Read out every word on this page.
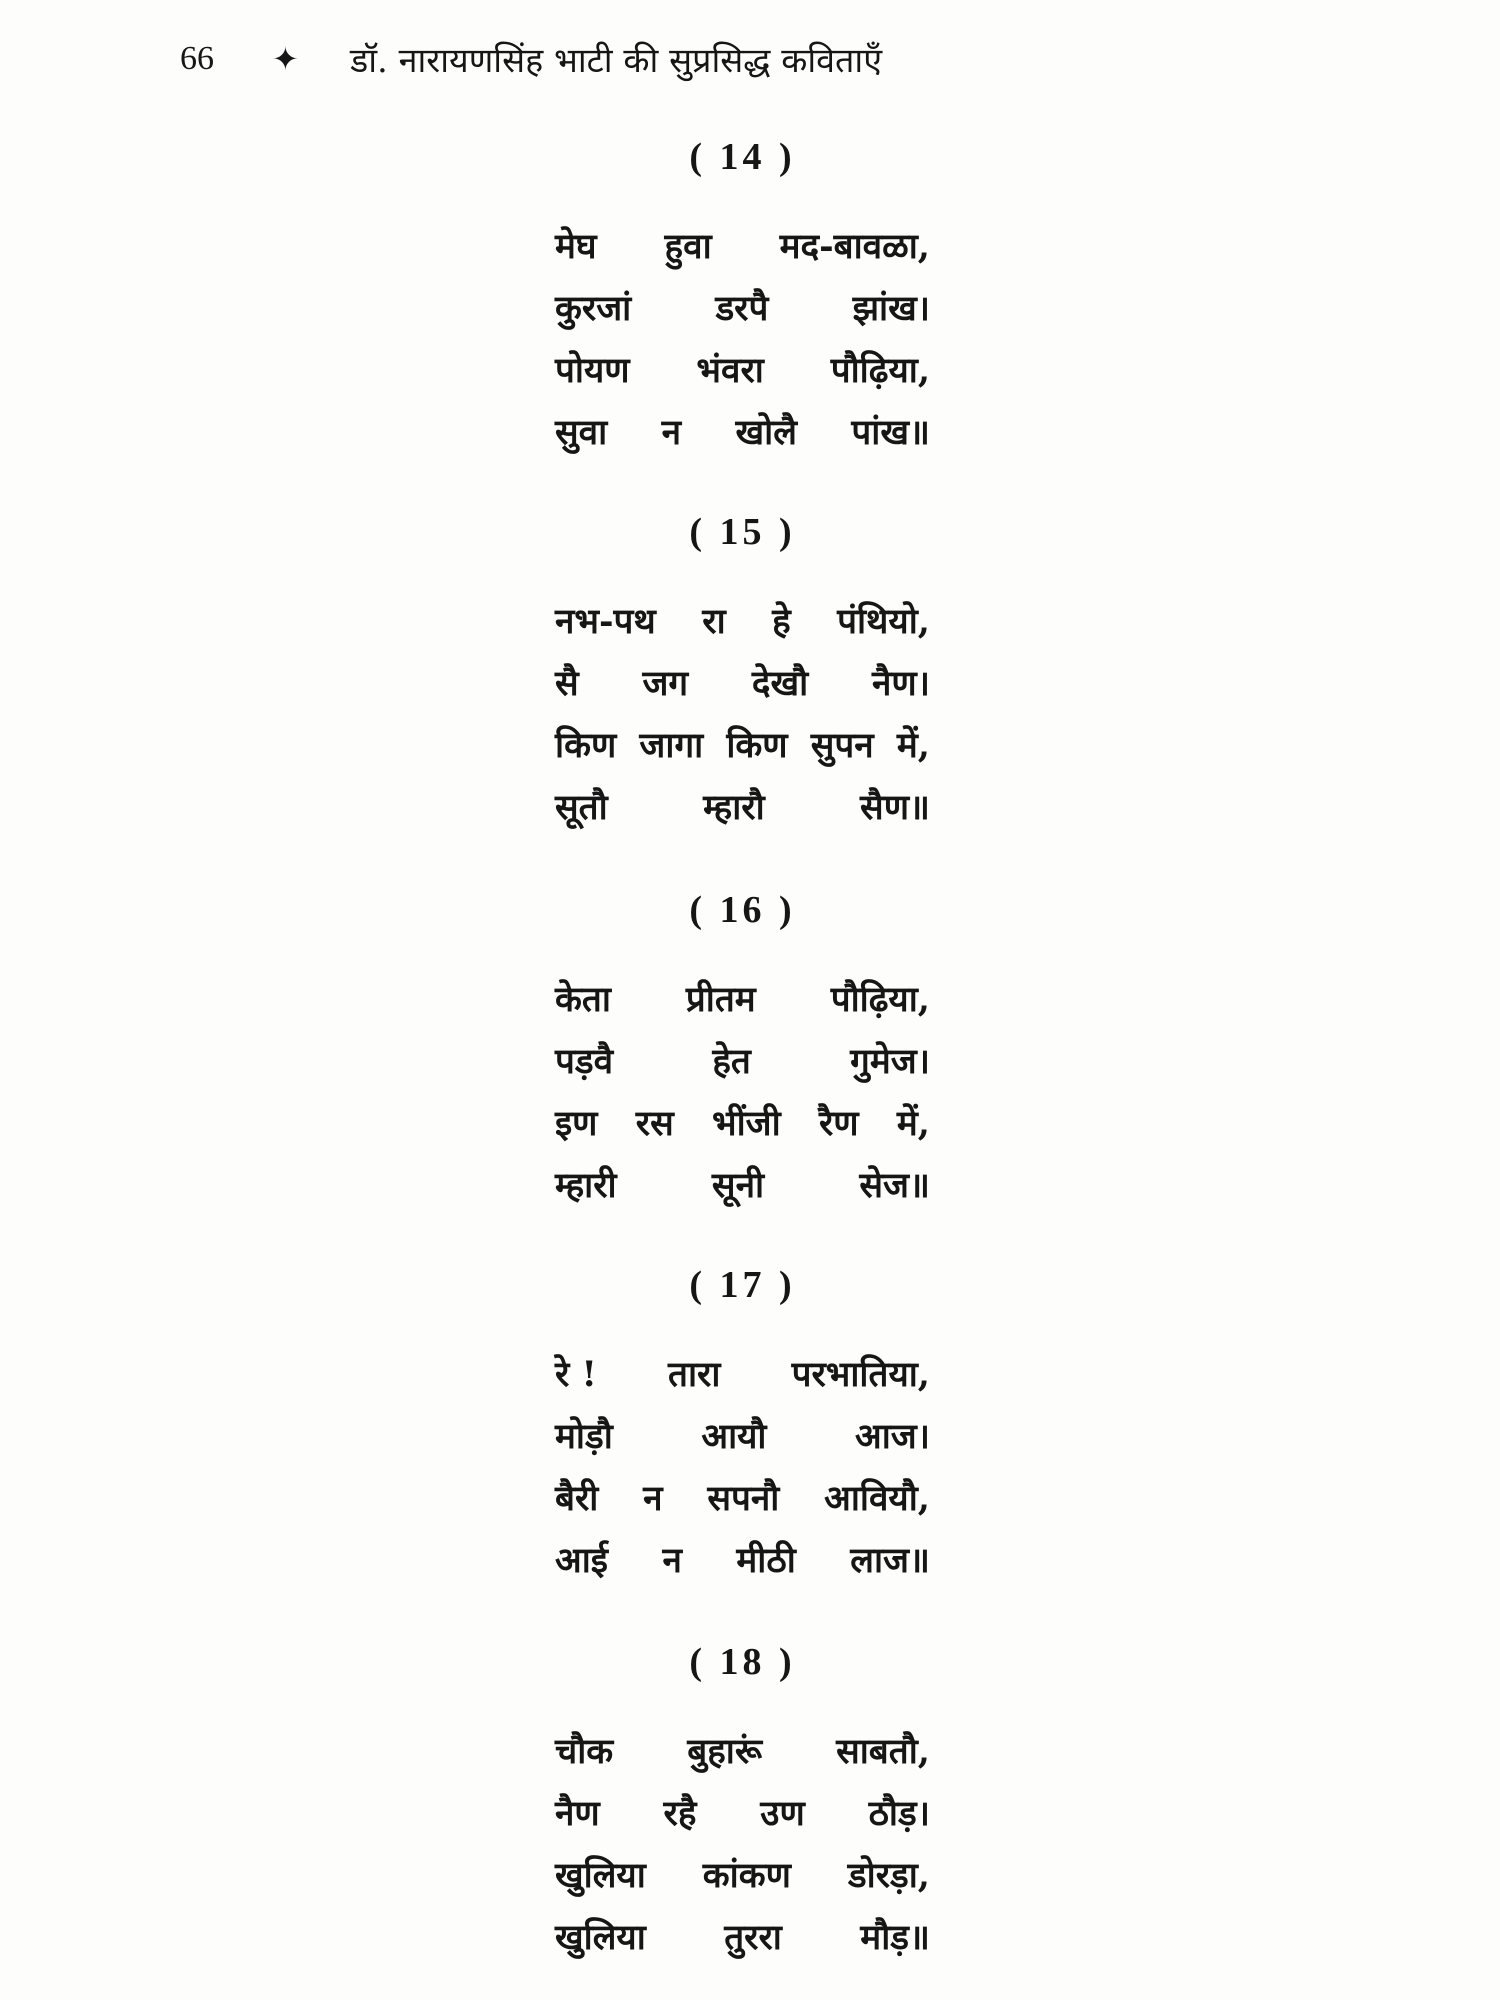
66 ✦ डॉ. नारायणसिंह भाटी की सुप्रसिद्ध कविताएँ
( 14 )
मेघ हुवा मद-बावळा,
कुरजां डरपै झांख।
पोयण भंवरा पौढ़िया,
सुवा न खोलै पांख॥
( 15 )
नभ-पथ रा हे पंथियो,
सै जग देखौ नैण।
किण जागा किण सुपन में,
सूतौ	म्हारौ	सैण॥
( 16 )
केता प्रीतम पौढ़िया,
पड़वै	हेत	गुमेज।
इण रस भींजी रैण में,
म्हारी	सूनी	सेज॥
( 17 )
रे ! तारा परभातिया,
मोड़ौ	आयौ	आज।
बैरी न सपनौ आवियौ,
आई न मीठी लाज॥
( 18 )
चौक बुहारूं साबतौ,
नैण रहै उण ठौड़।
खुलिया कांकण डोरड़ा,
खुलिया तुररा मौड़॥
